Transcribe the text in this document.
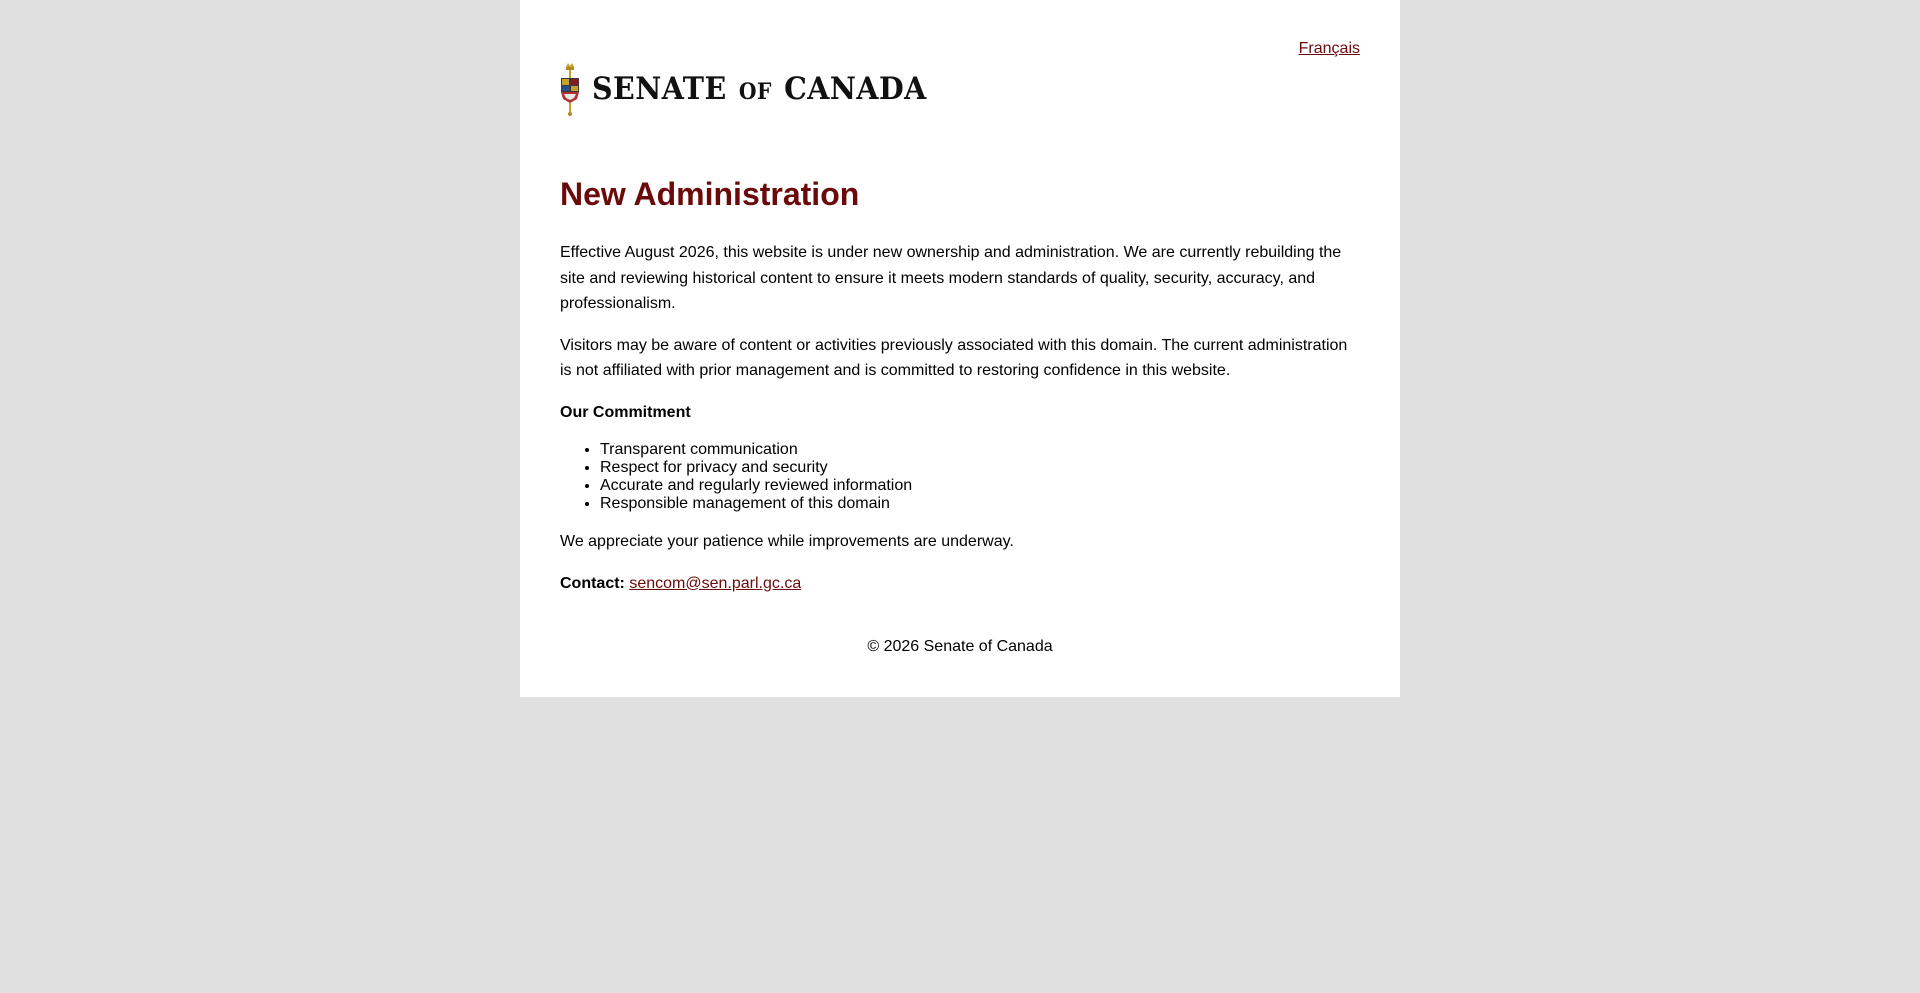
Français
SENATE OF CANADA
New Administration

Effective August 2026, this website is under new ownership and administration. We are currently rebuilding the site and reviewing historical content to ensure it meets modern standards of quality, security, accuracy, and professionalism.

Visitors may be aware of content or activities previously associated with this domain. The current administration is not affiliated with prior management and is committed to restoring confidence in this website.

Our Commitment

• Transparent communication
• Respect for privacy and security
• Accurate and regularly reviewed information
• Responsible management of this domain

We appreciate your patience while improvements are underway.

Contact: sencom@sen.parl.gc.ca

© 2026 Senate of Canada
